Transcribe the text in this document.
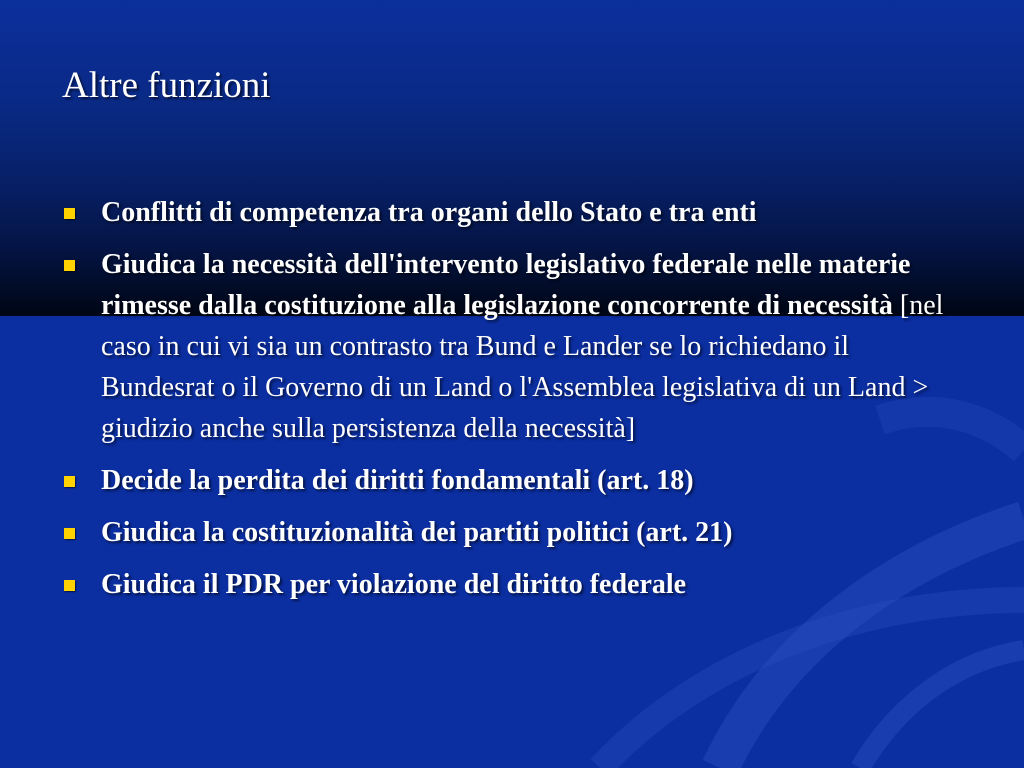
Altre funzioni
Conflitti di competenza tra organi dello Stato e tra enti
Giudica la necessità dell'intervento legislativo federale nelle materie rimesse dalla costituzione alla legislazione concorrente di necessità [nel caso in cui vi sia un contrasto tra Bund e Lander se lo richiedano il Bundesrat o il Governo di un Land o l'Assemblea legislativa di un Land > giudizio anche sulla persistenza della necessità]
Decide la perdita dei diritti fondamentali (art. 18)
Giudica la costituzionalità dei partiti politici (art. 21)
Giudica il PDR per violazione del diritto federale
